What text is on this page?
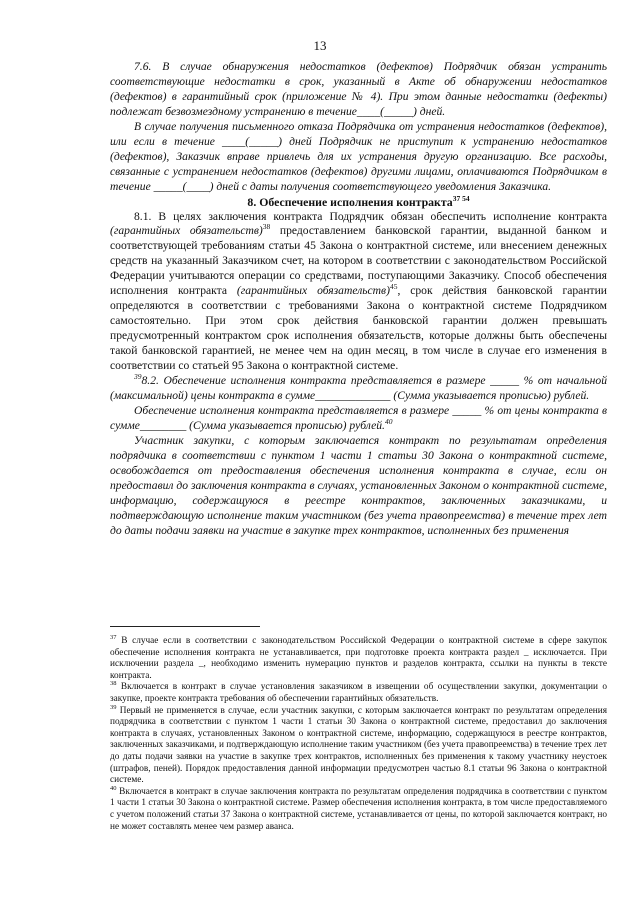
13

7.6. В случае обнаружения недостатков (дефектов) Подрядчик обязан устранить соответствующие недостатки в срок, указанный в Акте об обнаружении недостатков (дефектов) в гарантийный срок (приложение № 4). При этом данные недостатки (дефекты) подлежат безвозмездному устранению в течение____(_____) дней.

В случае получения письменного отказа Подрядчика от устранения недостатков (дефектов), или если в течение ____(_____) дней Подрядчик не приступит к устранению недостатков (дефектов), Заказчик вправе привлечь для их устранения другую организацию. Все расходы, связанные с устранением недостатков (дефектов) другими лицами, оплачиваются Подрядчиком в течение _____(____) дней с даты получения соответствующего уведомления Заказчика.

8. Обеспечение исполнения контракта$^{37 54}$

8.1. В целях заключения контракта Подрядчик обязан обеспечить исполнение контракта (гарантийных обязательств)$^{38}$ предоставлением банковской гарантии, выданной банком и соответствующей требованиям статьи 45 Закона о контрактной системе, или внесением денежных средств на указанный Заказчиком счет, на котором в соответствии с законодательством Российской Федерации учитываются операции со средствами, поступающими Заказчику. Способ обеспечения исполнения контракта (гарантийных обязательств)$^{45}$, срок действия банковской гарантии определяются в соответствии с требованиями Закона о контрактной системе Подрядчиком самостоятельно. При этом срок действия банковской гарантии должен превышать предусмотренный контрактом срок исполнения обязательств, которые должны быть обеспечены такой банковской гарантией, не менее чем на один месяц, в том числе в случае его изменения в соответствии со статьей 95 Закона о контрактной системе.

$^{39}$8.2. Обеспечение исполнения контракта представляется в размере _____ % от начальной (максимальной) цены контракта в сумме_____________ (Сумма указывается прописью) рублей.

Обеспечение исполнения контракта представляется в размере _____ % от цены контракта в сумме________ (Сумма указывается прописью) рублей.$^{40}$

Участник закупки, с которым заключается контракт по результатам определения подрядчика в соответствии с пунктом 1 части 1 статьи 30 Закона о контрактной системе, освобождается от предоставления обеспечения исполнения контракта в случае, если он предоставил до заключения контракта в случаях, установленных Законом о контрактной системе, информацию, содержащуюся в реестре контрактов, заключенных заказчиками, и подтверждающую исполнение таким участником (без учета правопреемства) в течение трех лет до даты подачи заявки на участие в закупке трех контрактов, исполненных без применения

$^{37}$ В случае если в соответствии с законодательством Российской Федерации о контрактной системе в сфере закупок обеспечение исполнения контракта не устанавливается, при подготовке проекта контракта раздел _ исключается. При исключении раздела _, необходимо изменить нумерацию пунктов и разделов контракта, ссылки на пункты в тексте контракта.

$^{38}$ Включается в контракт в случае установления заказчиком в извещении об осуществлении закупки, документации о закупке, проекте контракта требования об обеспечении гарантийных обязательств.

$^{39}$ Первый не применяется в случае, если участник закупки, с которым заключается контракт по результатам определения подрядчика в соответствии с пунктом 1 части 1 статьи 30 Закона о контрактной системе, предоставил до заключения контракта в случаях, установленных Законом о контрактной системе, информацию, содержащуюся в реестре контрактов, заключенных заказчиками, и подтверждающую исполнение таким участником (без учета правопреемства) в течение трех лет до даты подачи заявки на участие в закупке трех контрактов, исполненных без применения к такому участнику неустоек (штрафов, пеней). Порядок предоставления данной информации предусмотрен частью 8.1 статьи 96 Закона о контрактной системе.

$^{40}$ Включается в контракт в случае заключения контракта по результатам определения подрядчика в соответствии с пунктом 1 части 1 статьи 30 Закона о контрактной системе. Размер обеспечения исполнения контракта, в том числе предоставляемого с учетом положений статьи 37 Закона о контрактной системе, устанавливается от цены, по которой заключается контракт, но не может составлять менее чем размер аванса.
